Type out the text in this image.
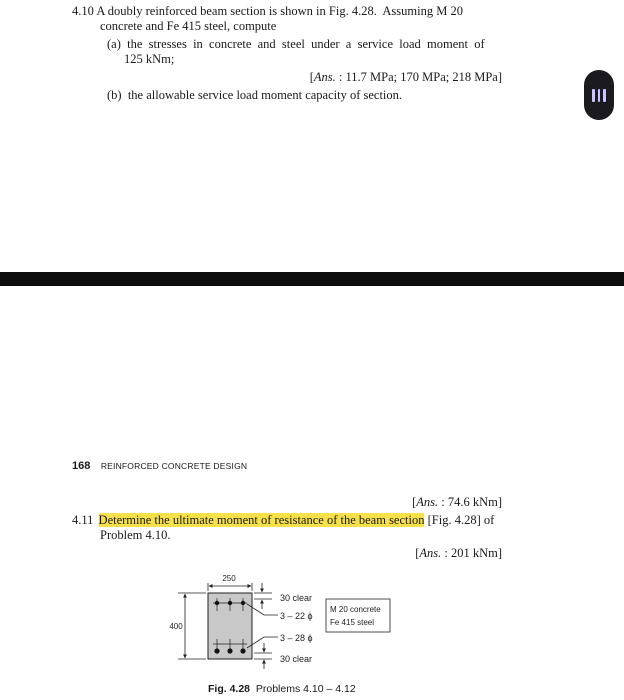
4.10 A doubly reinforced beam section is shown in Fig. 4.28.  Assuming M 20
concrete and Fe 415 steel, compute
(a)  the  stresses  in  concrete  and  steel  under  a  service  load  moment  of
125 kNm;
[Ans. : 11.7 MPa; 170 MPa; 218 MPa]
(b)  the allowable service load moment capacity of section.
168 REINFORCED CONCRETE DESIGN
[Ans. : 74.6 kNm]
4.11 Determine the ultimate moment of resistance of the beam section [Fig. 4.28] of
Problem 4.10.
[Ans. : 201 kNm]
250
400
30 clear
3 – 22 ϕ
3 – 28 ϕ
30 clear
M 20 concrete
Fe 415 steel
Fig. 4.28  Problems 4.10 – 4.12
